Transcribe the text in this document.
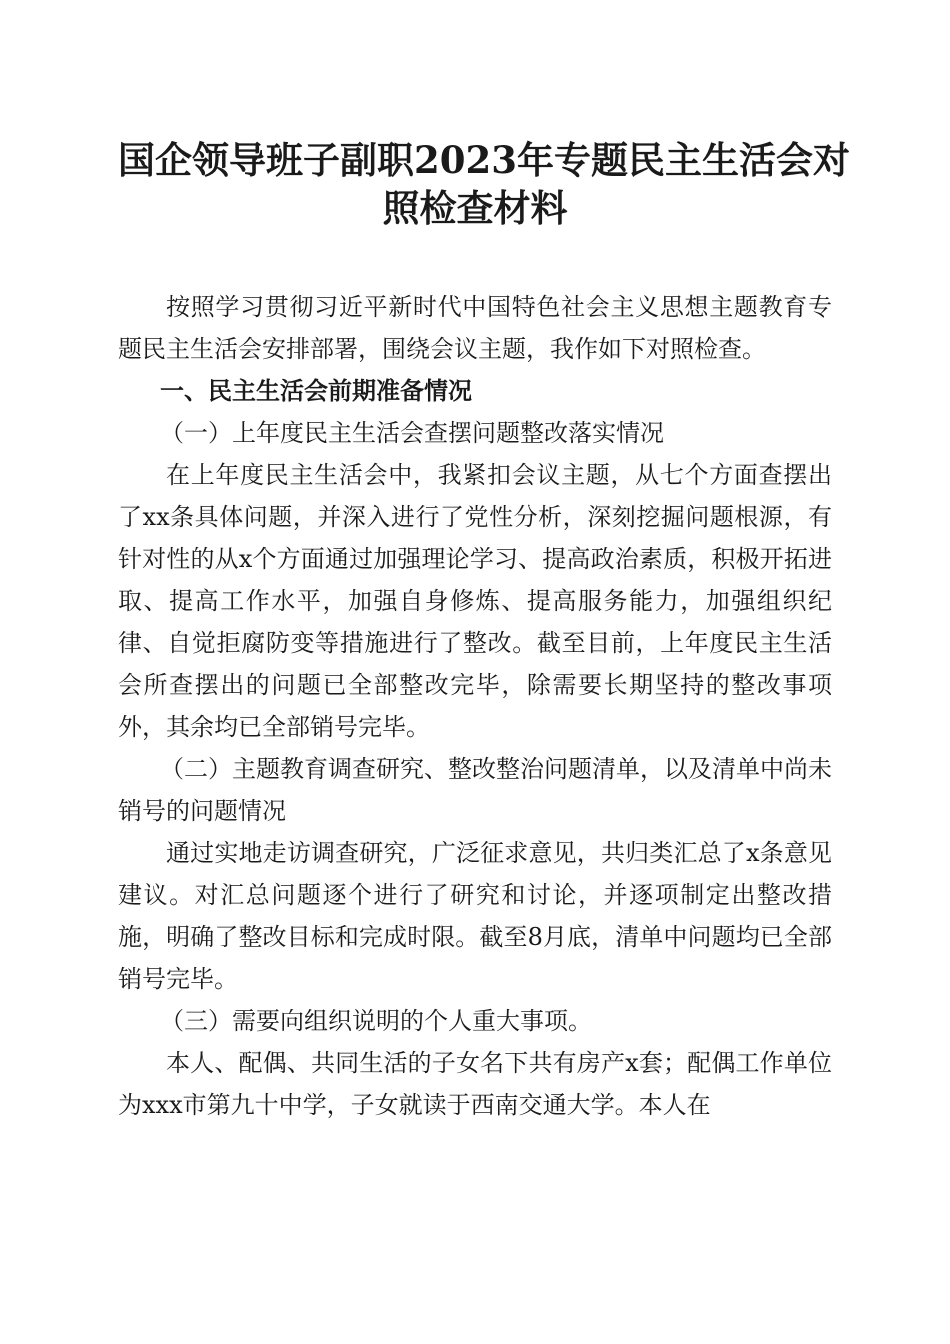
国企领导班子副职2023年专题民主生活会对
照检查材料

按照学习贯彻习近平新时代中国特色社会主义思想主题教育专题民主生活会安排部署，围绕会议主题，我作如下对照检查。

一、民主生活会前期准备情况

（一）上年度民主生活会查摆问题整改落实情况

在上年度民主生活会中，我紧扣会议主题，从七个方面查摆出了xx条具体问题，并深入进行了党性分析，深刻挖掘问题根源，有针对性的从x个方面通过加强理论学习、提高政治素质，积极开拓进取、提高工作水平，加强自身修炼、提高服务能力，加强组织纪律、自觉拒腐防变等措施进行了整改。截至目前，上年度民主生活会所查摆出的问题已全部整改完毕，除需要长期坚持的整改事项外，其余均已全部销号完毕。

（二）主题教育调查研究、整改整治问题清单，以及清单中尚未销号的问题情况

通过实地走访调查研究，广泛征求意见，共归类汇总了x条意见建议。对汇总问题逐个进行了研究和讨论，并逐项制定出整改措施，明确了整改目标和完成时限。截至8月底，清单中问题均已全部销号完毕。

（三）需要向组织说明的个人重大事项。

本人、配偶、共同生活的子女名下共有房产x套；配偶工作单位为xxx市第九十中学，子女就读于西南交通大学。本人在
